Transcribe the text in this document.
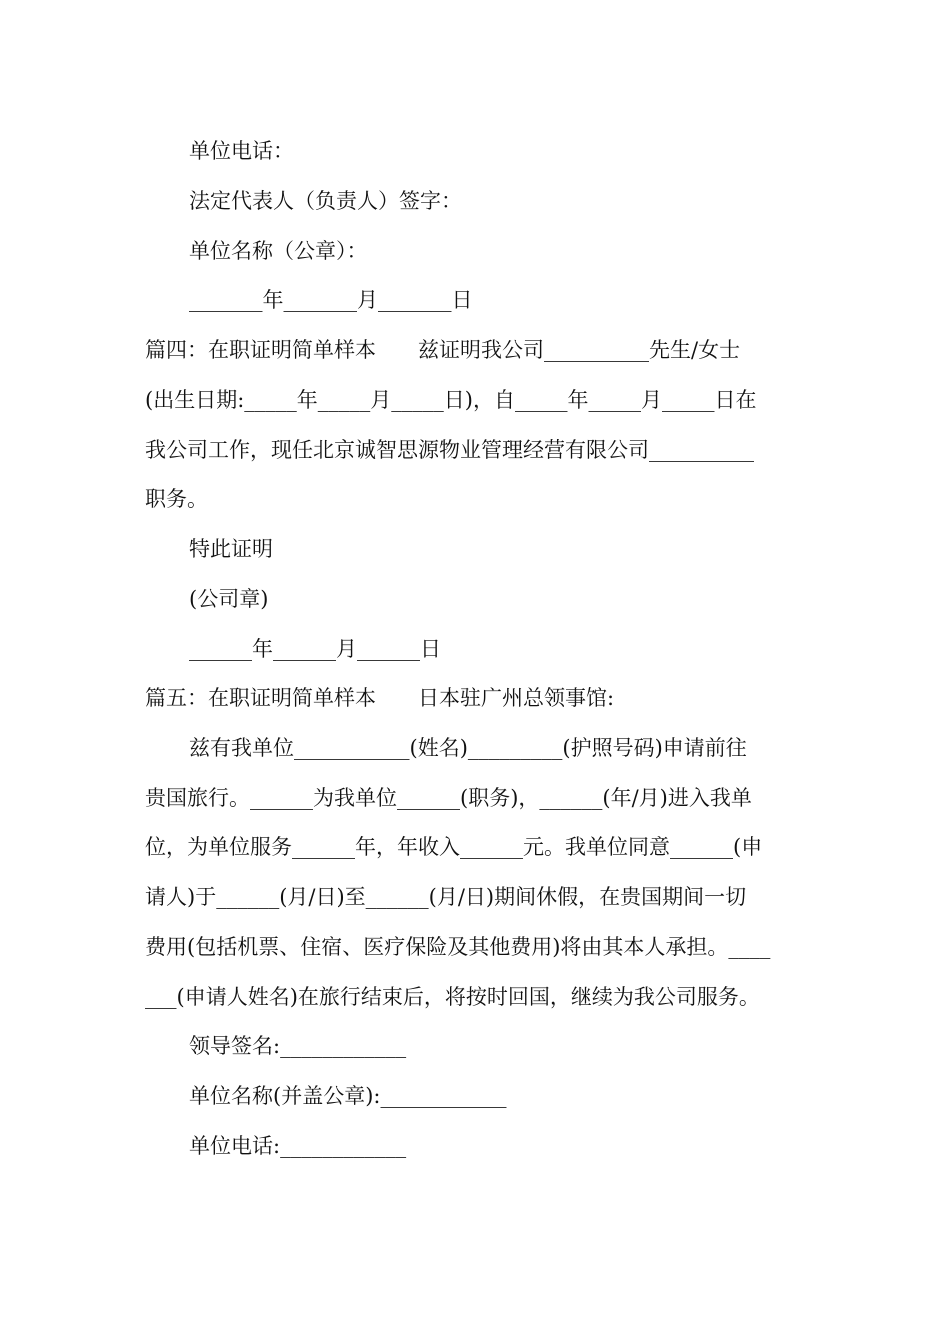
单位电话：
法定代表人（负责人）签字：
单位名称（公章）：
_______年_______月_______日
篇四：在职证明简单样本　　兹证明我公司__________先生/女士
(出生日期:_____年_____月_____日)，自_____年_____月_____日在
我公司工作，现任北京诚智思源物业管理经营有限公司__________
职务。
特此证明
(公司章)
______年______月______日
篇五：在职证明简单样本　　日本驻广州总领事馆:
兹有我单位___________(姓名)_________(护照号码)申请前往
贵国旅行。______为我单位______(职务)，______(年/月)进入我单
位，为单位服务______年，年收入______元。我单位同意______(申
请人)于______(月/日)至______(月/日)期间休假，在贵国期间一切
费用(包括机票、住宿、医疗保险及其他费用)将由其本人承担。____
___(申请人姓名)在旅行结束后，将按时回国，继续为我公司服务。
领导签名:____________
单位名称(并盖公章):____________
单位电话:____________
